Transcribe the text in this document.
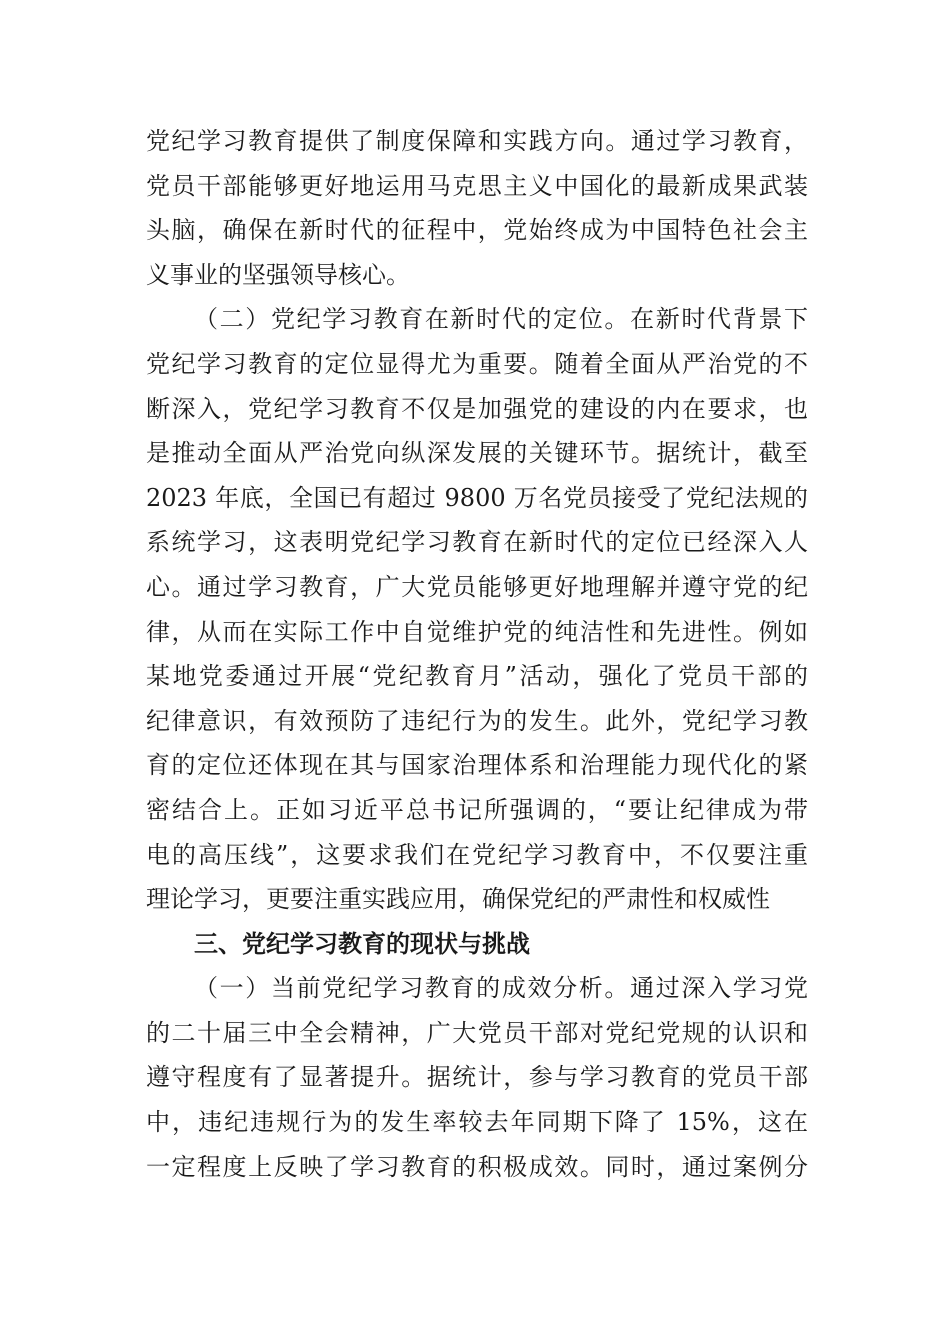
党纪学习教育提供了制度保障和实践方向。通过学习教育，
党员干部能够更好地运用马克思主义中国化的最新成果武装
头脑，确保在新时代的征程中，党始终成为中国特色社会主
义事业的坚强领导核心。
（二）党纪学习教育在新时代的定位。在新时代背景下
党纪学习教育的定位显得尤为重要。随着全面从严治党的不
断深入，党纪学习教育不仅是加强党的建设的内在要求，也
是推动全面从严治党向纵深发展的关键环节。据统计，截至
2023 年底，全国已有超过 9800 万名党员接受了党纪法规的
系统学习，这表明党纪学习教育在新时代的定位已经深入人
心。通过学习教育，广大党员能够更好地理解并遵守党的纪
律，从而在实际工作中自觉维护党的纯洁性和先进性。例如
某地党委通过开展“党纪教育月”活动，强化了党员干部的
纪律意识，有效预防了违纪行为的发生。此外，党纪学习教
育的定位还体现在其与国家治理体系和治理能力现代化的紧
密结合上。正如习近平总书记所强调的，“要让纪律成为带
电的高压线”，这要求我们在党纪学习教育中，不仅要注重
理论学习，更要注重实践应用，确保党纪的严肃性和权威性
三、党纪学习教育的现状与挑战
（一）当前党纪学习教育的成效分析。通过深入学习党
的二十届三中全会精神，广大党员干部对党纪党规的认识和
遵守程度有了显著提升。据统计，参与学习教育的党员干部
中，违纪违规行为的发生率较去年同期下降了 15%，这在
一定程度上反映了学习教育的积极成效。同时，通过案例分
